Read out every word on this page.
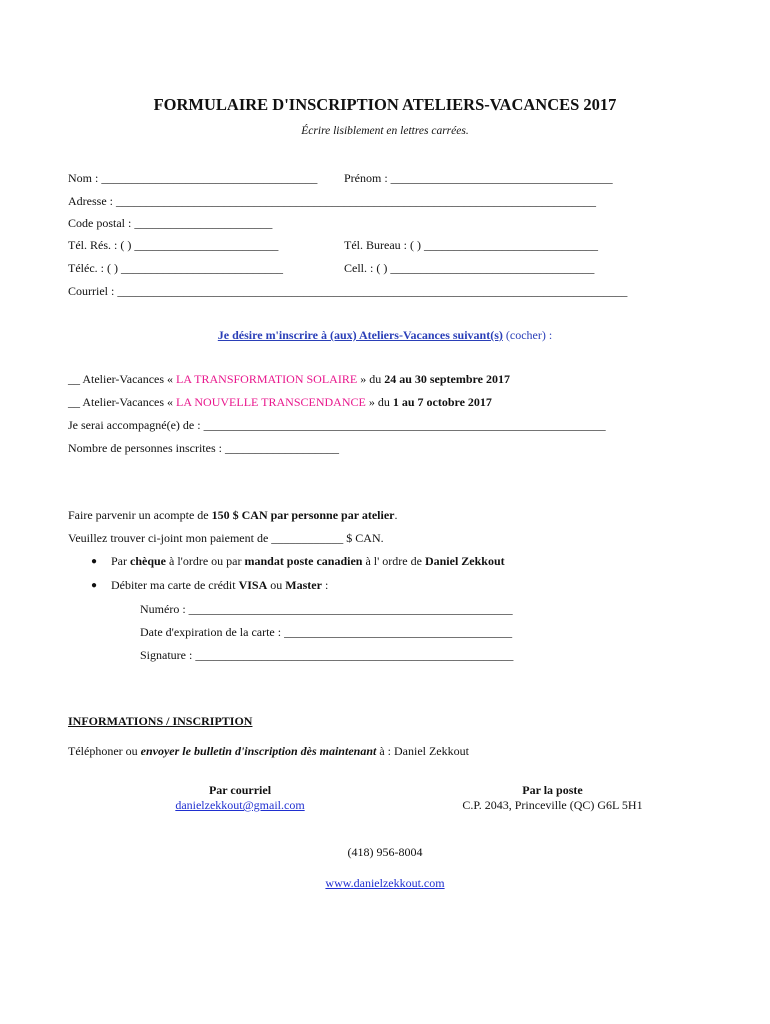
FORMULAIRE D'INSCRIPTION ATELIERS-VACANCES 2017
Écrire lisiblement en lettres carrées.
Nom : ____________________________________ Prénom : _____________________________________
Adresse : ________________________________________________________________________________
Code postal : _______________________
Tél. Rés. : ( ) ________________________	Tél. Bureau : ( ) _____________________________
Téléc. : ( ) ___________________________	Cell. : ( ) __________________________________
Courriel : _____________________________________________________________________________________
Je désire m'inscrire à (aux) Ateliers-Vacances suivant(s) (cocher) :
__ Atelier-Vacances « LA TRANSFORMATION SOLAIRE » du 24 au 30 septembre 2017
__ Atelier-Vacances « LA NOUVELLE TRANSCENDANCE » du 1 au 7 octobre 2017
Je serai accompagné(e) de : ___________________________________________________________________
Nombre de personnes inscrites : ___________________
Faire parvenir un acompte de 150 $ CAN par personne par atelier.
Veuillez trouver ci-joint mon paiement de ____________ $ CAN.
● Par chèque à l'ordre ou par mandat poste canadien à l' ordre de Daniel Zekkout
● Débiter ma carte de crédit VISA ou Master :
Numéro : ______________________________________________________
Date d'expiration de la carte : ______________________________________
Signature : _____________________________________________________
INFORMATIONS / INSCRIPTION
Téléphoner ou envoyer le bulletin d'inscription dès maintenant à : Daniel Zekkout
Par courriel
danielzekkout@gmail.com
Par la poste
C.P. 2043, Princeville (QC) G6L 5H1
(418) 956-8004
www.danielzekkout.com
